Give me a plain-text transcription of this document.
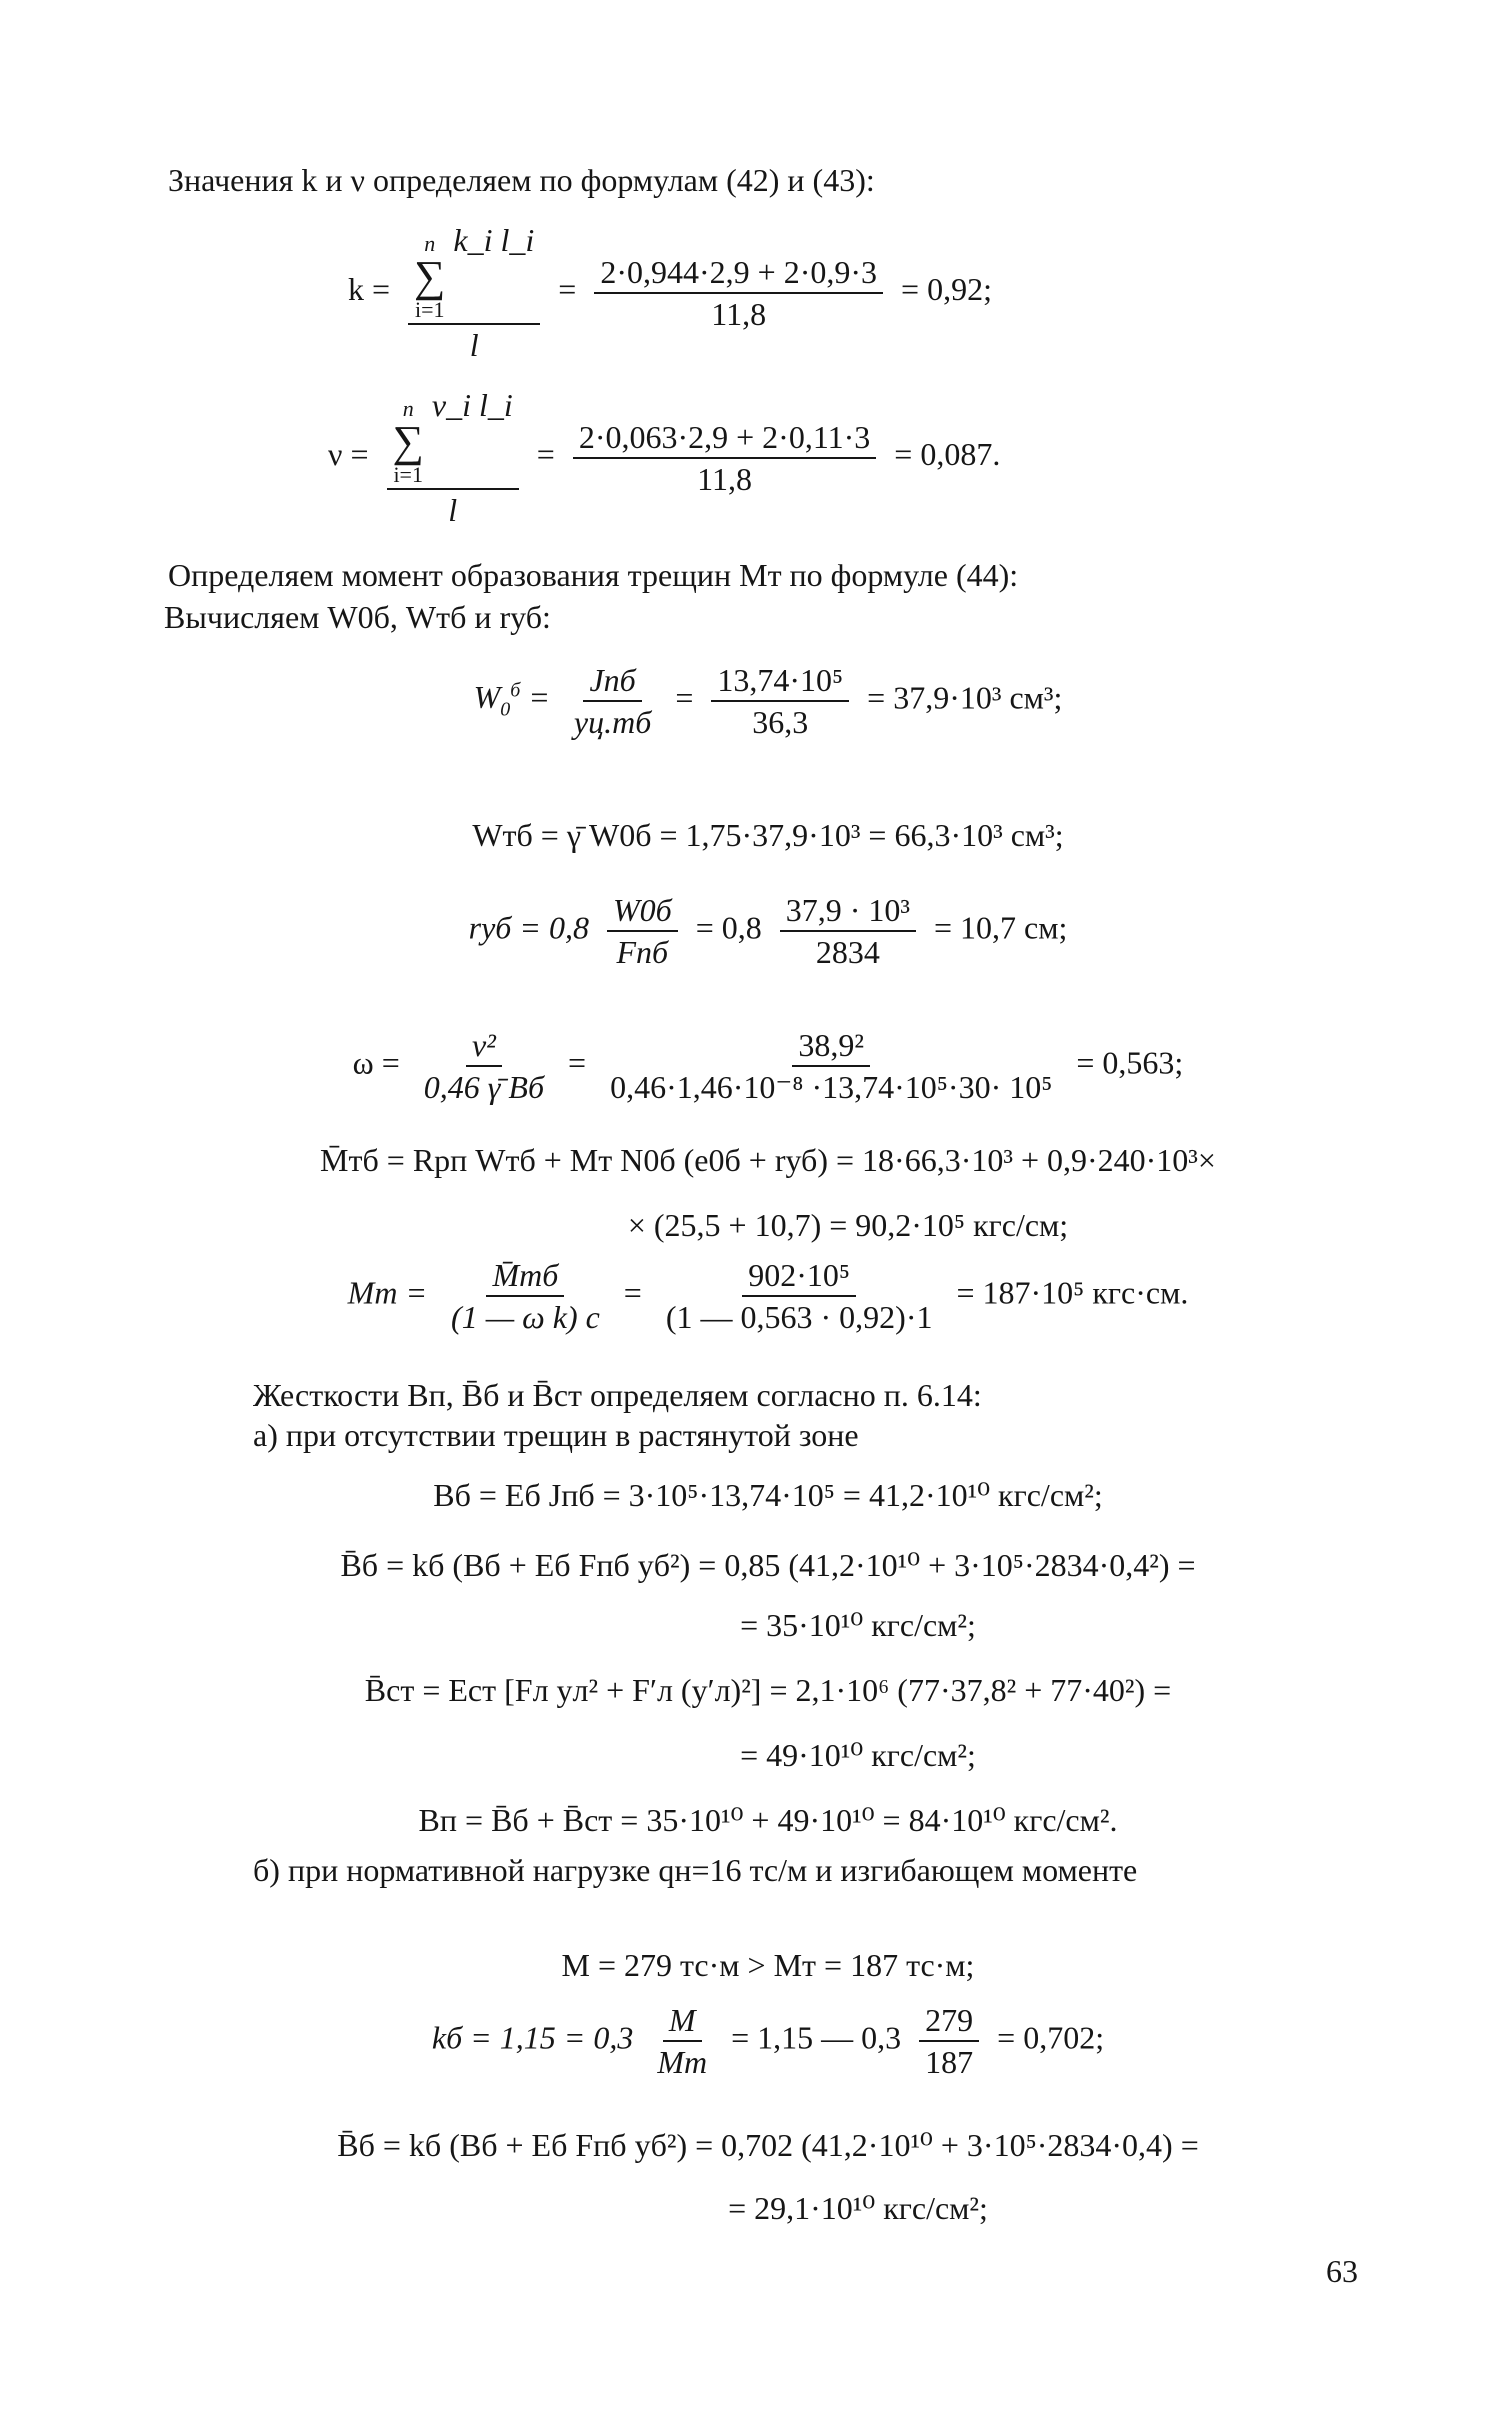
Значения k и ν определяем по формулам (42) и (43):
k = n
∑
i=1
k_i l_i
$l = \frac{2\cdot 0,944\cdot 2,9 + 2\cdot 0,9\cdot 3}{11,8} = 0,92$;
ν = n
∑
i=1
ν_i l_i
$l = \frac{2\cdot 0,063\cdot 2,9 + 2\cdot 0,11\cdot 3}{11,8} = 0,087$.
Определяем момент образования трещин Mт по формуле (44):
Вычисляем W0б, Wтб и rуб:
$W_0^б = \frac{\text{Jпб}}{yц.тб} = \frac{\text{13,74·10⁵}}{36,3} = 37,9\cdot 10^3$ см³;
Wтб = γ̄ W0б = 1,75·37,9·10³ = 66,3·10³ см³;
rуб = $0,8 \frac{W0б}{\text{Fпб}} = 0,8 \frac{\text{37,9 · 10³}}{2834} = 10,7$ см;
$\omega = \frac{\text{v²}}{0,46 \gammā Bб} = \frac{\text{38,9²}}{\text{0,46·1,46·10⁻⁸ ·13,74·10⁵·30· 10⁵}} = 0,563$;
M̄тб = Rрп Wтб + Mт N0б (e0б + rуб) = 18·66,3·10³ + 0,9·240·10³×
× (25,5 + 10,7) = 90,2·10⁵ кгс/см;
Mт = $\frac{M̄тб}{\text{(1 — ω k) c}} = \frac{\text{902·10⁵}}{(1 — 0,563 \cdot 0,92)\cdot 1} = 187\cdot 10^5$ кгс·см.
Жесткости Bп, B̄б и B̄ст определяем согласно п. 6.14:
а) при отсутствии трещин в растянутой зоне
Bб = Eб Jпб = 3·10⁵·13,74·10⁵ = 41,2·10¹⁰ кгс/см²;
B̄б = kб (Bб + Eб Fпб yб²) = 0,85 (41,2·10¹⁰ + 3·10⁵·2834·0,4²) =
= 35·10¹⁰ кгс/см²;
B̄ст = Eст [Fл yл² + F′л (y′л)²] = 2,1·10⁶ (77·37,8² + 77·40²) =
= 49·10¹⁰ кгс/см²;
Bп = B̄б + B̄ст = 35·10¹⁰ + 49·10¹⁰ = 84·10¹⁰ кгс/см².
б) при нормативной нагрузке qн=16 тс/м и изгибающем моменте
M = 279 тс·м > Mт = 187 тс·м;
kб = $1,15 = 0,3 \frac{M}{Mт} = 1,15$ — $0,3 \frac{279}{187} = 0,702$;
B̄б = kб (Bб + Eб Fпб yб²) = 0,702 (41,2·10¹⁰ + 3·10⁵·2834·0,4) =
= 29,1·10¹⁰ кгс/см²;
63
